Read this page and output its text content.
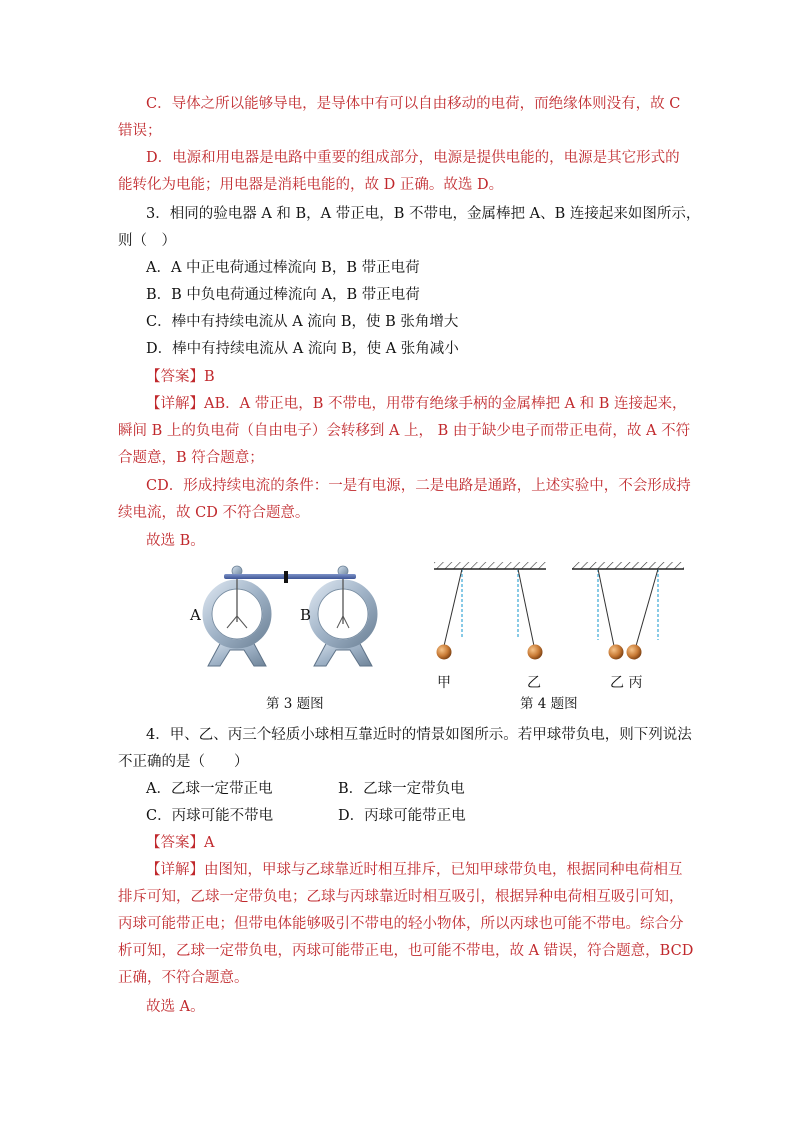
C．导体之所以能够导电，是导体中有可以自由移动的电荷，而绝缘体则没有，故 C

错误；

D．电源和用电器是电路中重要的组成部分，电源是提供电能的，电源是其它形式的

能转化为电能；用电器是消耗电能的，故 D 正确。故选 D。

3．相同的验电器 A 和 B，A 带正电，B 不带电，金属棒把 A、B 连接起来如图所示，

则（　）

A．A 中正电荷通过棒流向 B，B 带正电荷

B．B 中负电荷通过棒流向 A，B 带正电荷

C．棒中有持续电流从 A 流向 B，使 B 张角增大

D．棒中有持续电流从 A 流向 B，使 A 张角减小

【答案】B

【详解】AB．A 带正电，B 不带电，用带有绝缘手柄的金属棒把 A 和 B 连接起来，

瞬间 B 上的负电荷（自由电子）会转移到 A 上， B 由于缺少电子而带正电荷，故 A 不符

合题意，B 符合题意；

CD．形成持续电流的条件：一是有电源，二是电路是通路，上述实验中，不会形成持

续电流，故 CD 不符合题意。

故选 B。

A	B
第 3 题图
甲	乙	乙 丙
第 4 题图

4．甲、乙、丙三个轻质小球相互靠近时的情景如图所示。若甲球带负电，则下列说法

不正确的是（　　）

A．乙球一定带正电	B．乙球一定带负电

C．丙球可能不带电	D．丙球可能带正电

【答案】A

【详解】由图知，甲球与乙球靠近时相互排斥，已知甲球带负电，根据同种电荷相互

排斥可知，乙球一定带负电；乙球与丙球靠近时相互吸引，根据异种电荷相互吸引可知，

丙球可能带正电；但带电体能够吸引不带电的轻小物体，所以丙球也可能不带电。综合分

析可知，乙球一定带负电，丙球可能带正电，也可能不带电，故 A 错误，符合题意，BCD

正确，不符合题意。

故选 A。
